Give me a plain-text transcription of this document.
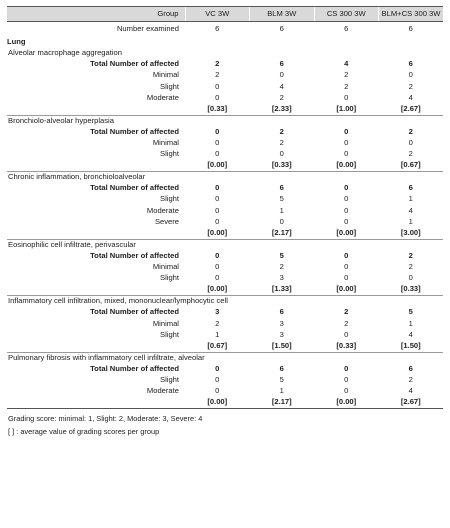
Group	VC 3W	BLM 3W	CS 300 3W	BLM+CS 300 3W
Number examined	6	6	6	6
Lung				
Alveolar macrophage aggregation				
Total Number of affected	2	6	4	6
Minimal	2	0	2	0
Slight	0	4	2	2
Moderate	0	2	0	4
	[0.33]	[2.33]	[1.00]	[2.67]
Bronchiolo-alveolar hyperplasia				
Total Number of affected	0	2	0	2
Minimal	0	2	0	0
Slight	0	0	0	2
	[0.00]	[0.33]	[0.00]	[0.67]
Chronic inflammation, bronchioloalveolar				
Total Number of affected	0	6	0	6
Slight	0	5	0	1
Moderate	0	1	0	4
Severe	0	0	0	1
	[0.00]	[2.17]	[0.00]	[3.00]
Eosinophilic cell infiltrate, perivascular				
Total Number of affected	0	5	0	2
Minimal	0	2	0	2
Slight	0	3	0	0
	[0.00]	[1.33]	[0.00]	[0.33]
Inflammatory cell infiltration, mixed, mononuclear/lymphocytic cell				
Total Number of affected	3	6	2	5
Minimal	2	3	2	1
Slight	1	3	0	4
	[0.67]	[1.50]	[0.33]	[1.50]
Pulmonary fibrosis with inflammatory cell infiltrate, alveolar				
Total Number of affected	0	6	0	6
Slight	0	5	0	2
Moderate	0	1	0	4
	[0.00]	[2.17]	[0.00]	[2.67]
Grading score: minimal: 1, Slight: 2, Moderate: 3, Severe: 4
[ ] : average value of grading scores per group
